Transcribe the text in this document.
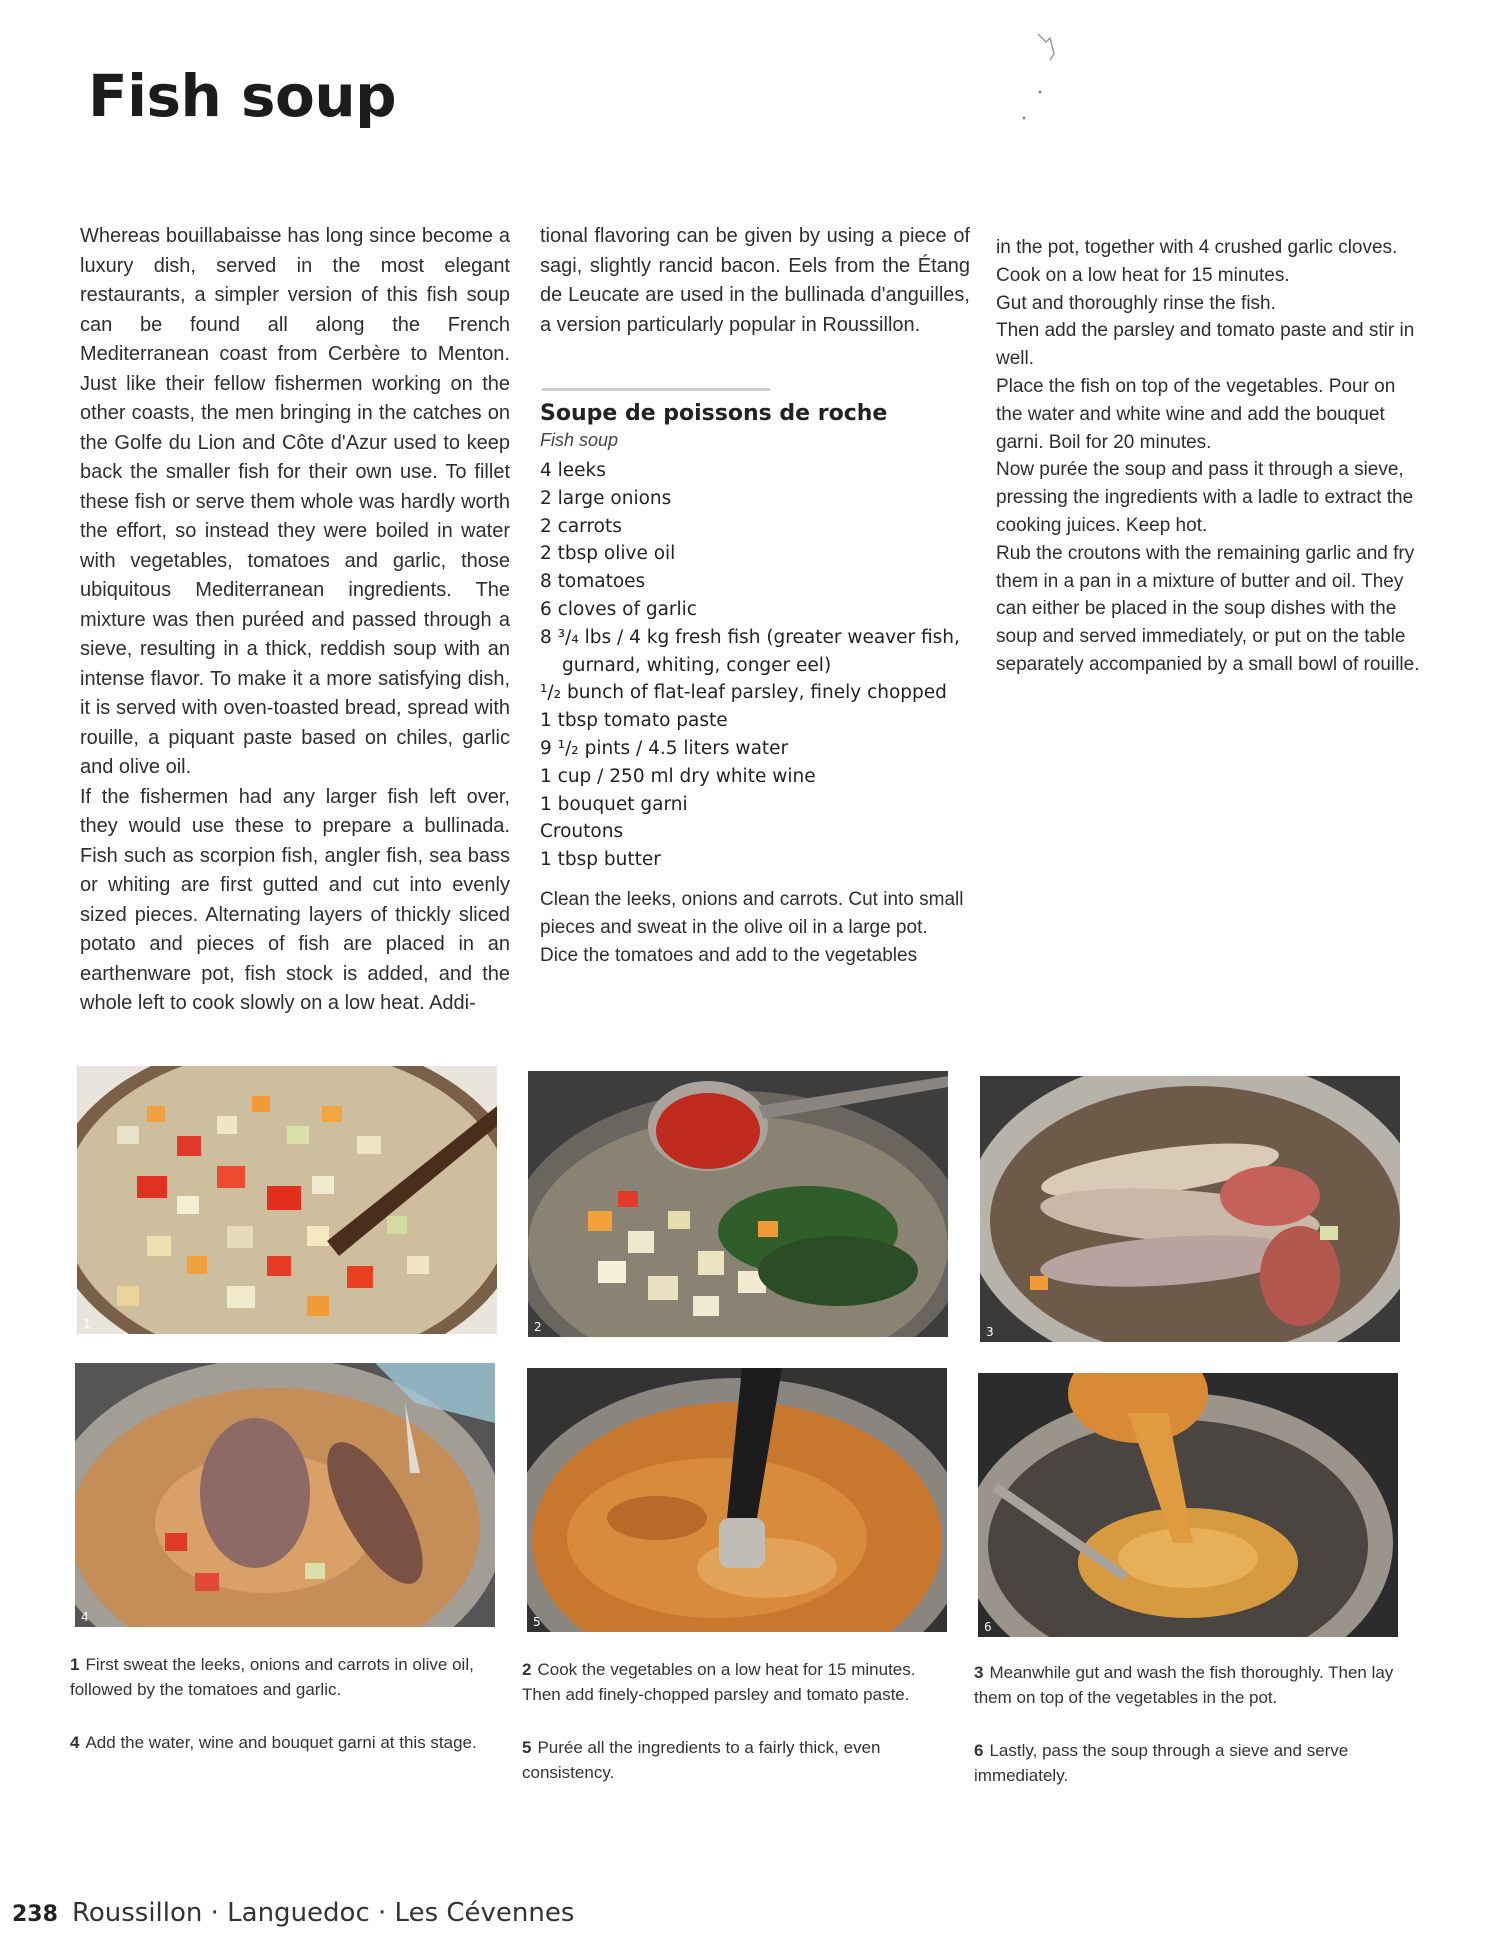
Fish soup

Whereas bouillabaisse has long since become a luxury dish, served in the most elegant restaurants, a simpler version of this fish soup can be found all along the French Mediterranean coast from Cerbère to Menton. Just like their fellow fishermen working on the other coasts, the men bringing in the catches on the Golfe du Lion and Côte d'Azur used to keep back the smaller fish for their own use. To fillet these fish or serve them whole was hardly worth the effort, so instead they were boiled in water with vegetables, tomatoes and garlic, those ubiquitous Mediterranean ingredients. The mixture was then puréed and passed through a sieve, resulting in a thick, reddish soup with an intense flavor. To make it a more satisfying dish, it is served with oven-toasted bread, spread with rouille, a piquant paste based on chiles, garlic and olive oil.

If the fishermen had any larger fish left over, they would use these to prepare a bullinada. Fish such as scorpion fish, angler fish, sea bass or whiting are first gutted and cut into evenly sized pieces. Alternating layers of thickly sliced potato and pieces of fish are placed in an earthenware pot, fish stock is added, and the whole left to cook slowly on a low heat. Addi-

tional flavoring can be given by using a piece of sagi, slightly rancid bacon. Eels from the Étang de Leucate are used in the bullinada d'anguilles, a version particularly popular in Roussillon.

Soupe de poissons de roche
Fish soup
4 leeks
2 large onions
2 carrots
2 tbsp olive oil
8 tomatoes
6 cloves of garlic
8 ³/₄ lbs / 4 kg fresh fish (greater weaver fish, gurnard, whiting, conger eel)
¹/₂ bunch of flat-leaf parsley, finely chopped
1 tbsp tomato paste
9 ¹/₂ pints / 4.5 liters water
1 cup / 250 ml dry white wine
1 bouquet garni
Croutons
1 tbsp butter

Clean the leeks, onions and carrots. Cut into small pieces and sweat in the olive oil in a large pot. Dice the tomatoes and add to the vegetables

in the pot, together with 4 crushed garlic cloves. Cook on a low heat for 15 minutes.

Gut and thoroughly rinse the fish.

Then add the parsley and tomato paste and stir in well.

Place the fish on top of the vegetables. Pour on the water and white wine and add the bouquet garni. Boil for 20 minutes.

Now purée the soup and pass it through a sieve, pressing the ingredients with a ladle to extract the cooking juices. Keep hot.

Rub the croutons with the remaining garlic and fry them in a pan in a mixture of butter and oil. They can either be placed in the soup dishes with the soup and served immediately, or put on the table separately accompanied by a small bowl of rouille.

1	2	3
4	5	6
1 First sweat the leeks, onions and carrots in olive oil, followed by the tomatoes and garlic.
2 Cook the vegetables on a low heat for 15 minutes. Then add finely-chopped parsley and tomato paste.
3 Meanwhile gut and wash the fish thoroughly. Then lay them on top of the vegetables in the pot.
4 Add the water, wine and bouquet garni at this stage.	5 Purée all the ingredients to a fairly thick, even consistency.
6 Lastly, pass the soup through a sieve and serve immediately.
238 Roussillon · Languedoc · Les Cévennes
